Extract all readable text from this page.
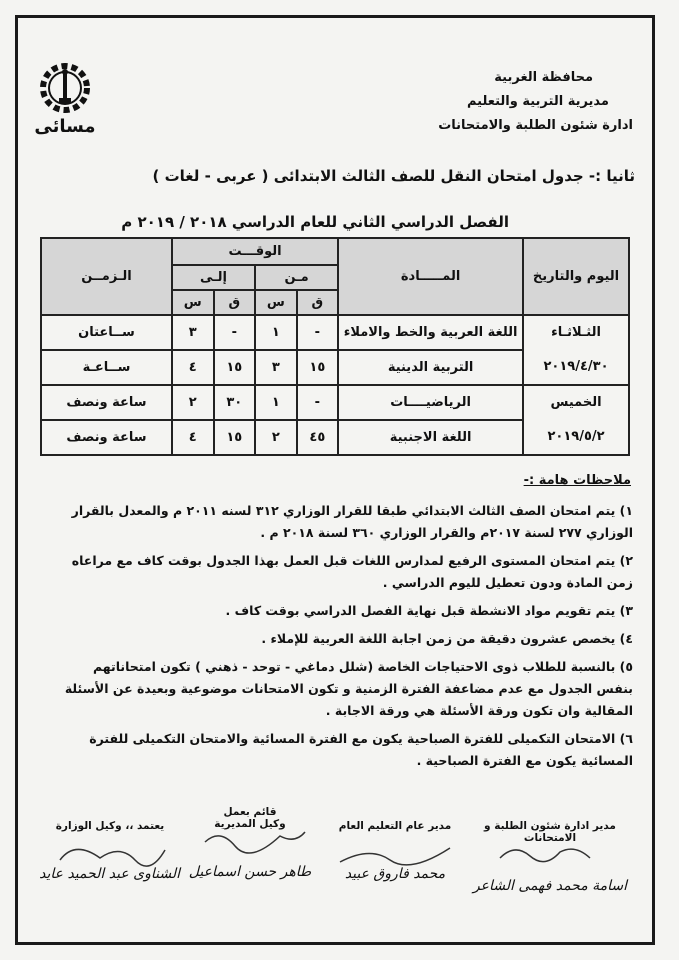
مسائى
محافظة الغربية
مديرية التربية والتعليم
ادارة شئون الطلبة والامتحانات
ثانيا :- جدول امتحان النقل للصف الثالث الابتدائى ( عربى - لغات )
الفصل الدراسي الثاني للعام الدراسي ٢٠١٨ / ٢٠١٩ م
اليوم والتاريخ	المـــــادة	الوقـــت				الـزمــن
		مـن		إلـى		
		ق	س	ق	س	

الثـلاثـاء
٢٠١٩/٤/٣٠	اللغة العربية والخط والاملاء	-	١	-	٣	ســاعتان
	التربية الدينية	١٥	٣	١٥	٤	ســاعـة

الخميس
٢٠١٩/٥/٢	الرياضيــــات	-	١	٣٠	٢	ساعة ونصف
	اللغة الاجنبية	٤٥	٢	١٥	٤	ساعة ونصف
ملاحظات هامة :-
١) يتم امتحان الصف الثالث الابتدائي طبقا للقرار الوزاري ٣١٢ لسنه ٢٠١١ م والمعدل بالقرار الوزاري ٢٧٧ لسنة ٢٠١٧م والقرار الوزاري ٣٦٠ لسنة ٢٠١٨ م .
٢) يتم امتحان المستوى الرفيع لمدارس اللغات قبل العمل بهذا الجدول بوقت كاف مع مراعاه زمن المادة ودون تعطيل لليوم الدراسي .
٣) يتم تقويم مواد الانشطة قبل نهاية الفصل الدراسي بوقت كاف .
٤) يخصص عشرون دقيقة من زمن اجابة اللغة العربية للإملاء .
٥) بالنسبة للطلاب ذوى الاحتياجات الخاصة (شلل دماغي - توحد - ذهني ) تكون امتحاناتهم بنفس الجدول مع عدم مضاعفة الفترة الزمنية و تكون الامتحانات موضوعية وبعيدة عن الأسئلة المقالية وان تكون ورقة الأسئلة هي ورقة الاجابة .
٦) الامتحان التكميلى للفترة الصباحية يكون مع الفترة المسائية والامتحان التكميلى للفترة المسائية يكون مع الفترة الصباحية .
مدير ادارة شئون الطلبة و الامتحانات
اسامة محمد فهمى الشاعر
مدير عام التعليم العام
محمد فاروق عبيد
قائم بعمل
وكيل المديرية
طاهر حسن اسماعيل
يعتمد ،، وكيل الوزارة
الشناوى عبد الحميد عايد
